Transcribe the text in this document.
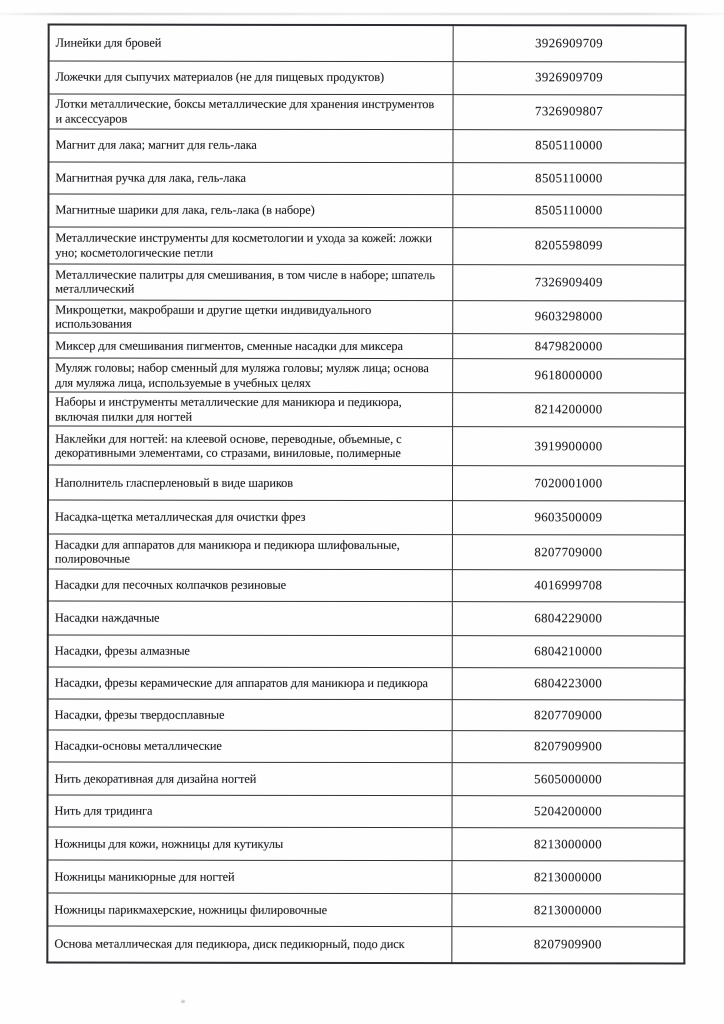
Линейки для бровей	3926909709
Ложечки для сыпучих материалов (не для пищевых продуктов)	3926909709
Лотки металлические, боксы металлические для хранения инструментов
и аксессуаров	7326909807
Магнит для лака; магнит для гель-лака	8505110000
Магнитная ручка для лака, гель-лака	8505110000
Магнитные шарики для лака, гель-лака (в наборе)	8505110000
Металлические инструменты для косметологии и ухода за кожей: ложки
уно; косметологические петли	8205598099
Металлические палитры для смешивания, в том числе в наборе; шпатель
металлический	7326909409
Микрощетки, макробраши и другие щетки индивидуального
использования	9603298000
Миксер для смешивания пигментов, сменные насадки для миксера	8479820000
Муляж головы; набор сменный для муляжа головы; муляж лица; основа
для муляжа лица, используемые в учебных целях	9618000000
Наборы и инструменты металлические для маникюра и педикюра,
включая пилки для ногтей	8214200000
Наклейки для ногтей: на клеевой основе, переводные, объемные, с
декоративными элементами, со стразами, виниловые, полимерные	3919900000
Наполнитель гласперленовый в виде шариков	7020001000
Насадка-щетка металлическая для очистки фрез	9603500009
Насадки для аппаратов для маникюра и педикюра шлифовальные,
полировочные	8207709000
Насадки для песочных колпачков резиновые	4016999708
Насадки наждачные	6804229000
Насадки, фрезы алмазные	6804210000
Насадки, фрезы керамические для аппаратов для маникюра и педикюра	6804223000
Насадки, фрезы твердосплавные	8207709000
Насадки-основы металлические	8207909900
Нить декоративная для дизайна ногтей	5605000000
Нить для тридинга	5204200000
Ножницы для кожи, ножницы для кутикулы	8213000000
Ножницы маникюрные для ногтей	8213000000
Ножницы парикмахерские, ножницы филировочные	8213000000
Основа металлическая для педикюра, диск педикюрный, подо диск	8207909900
